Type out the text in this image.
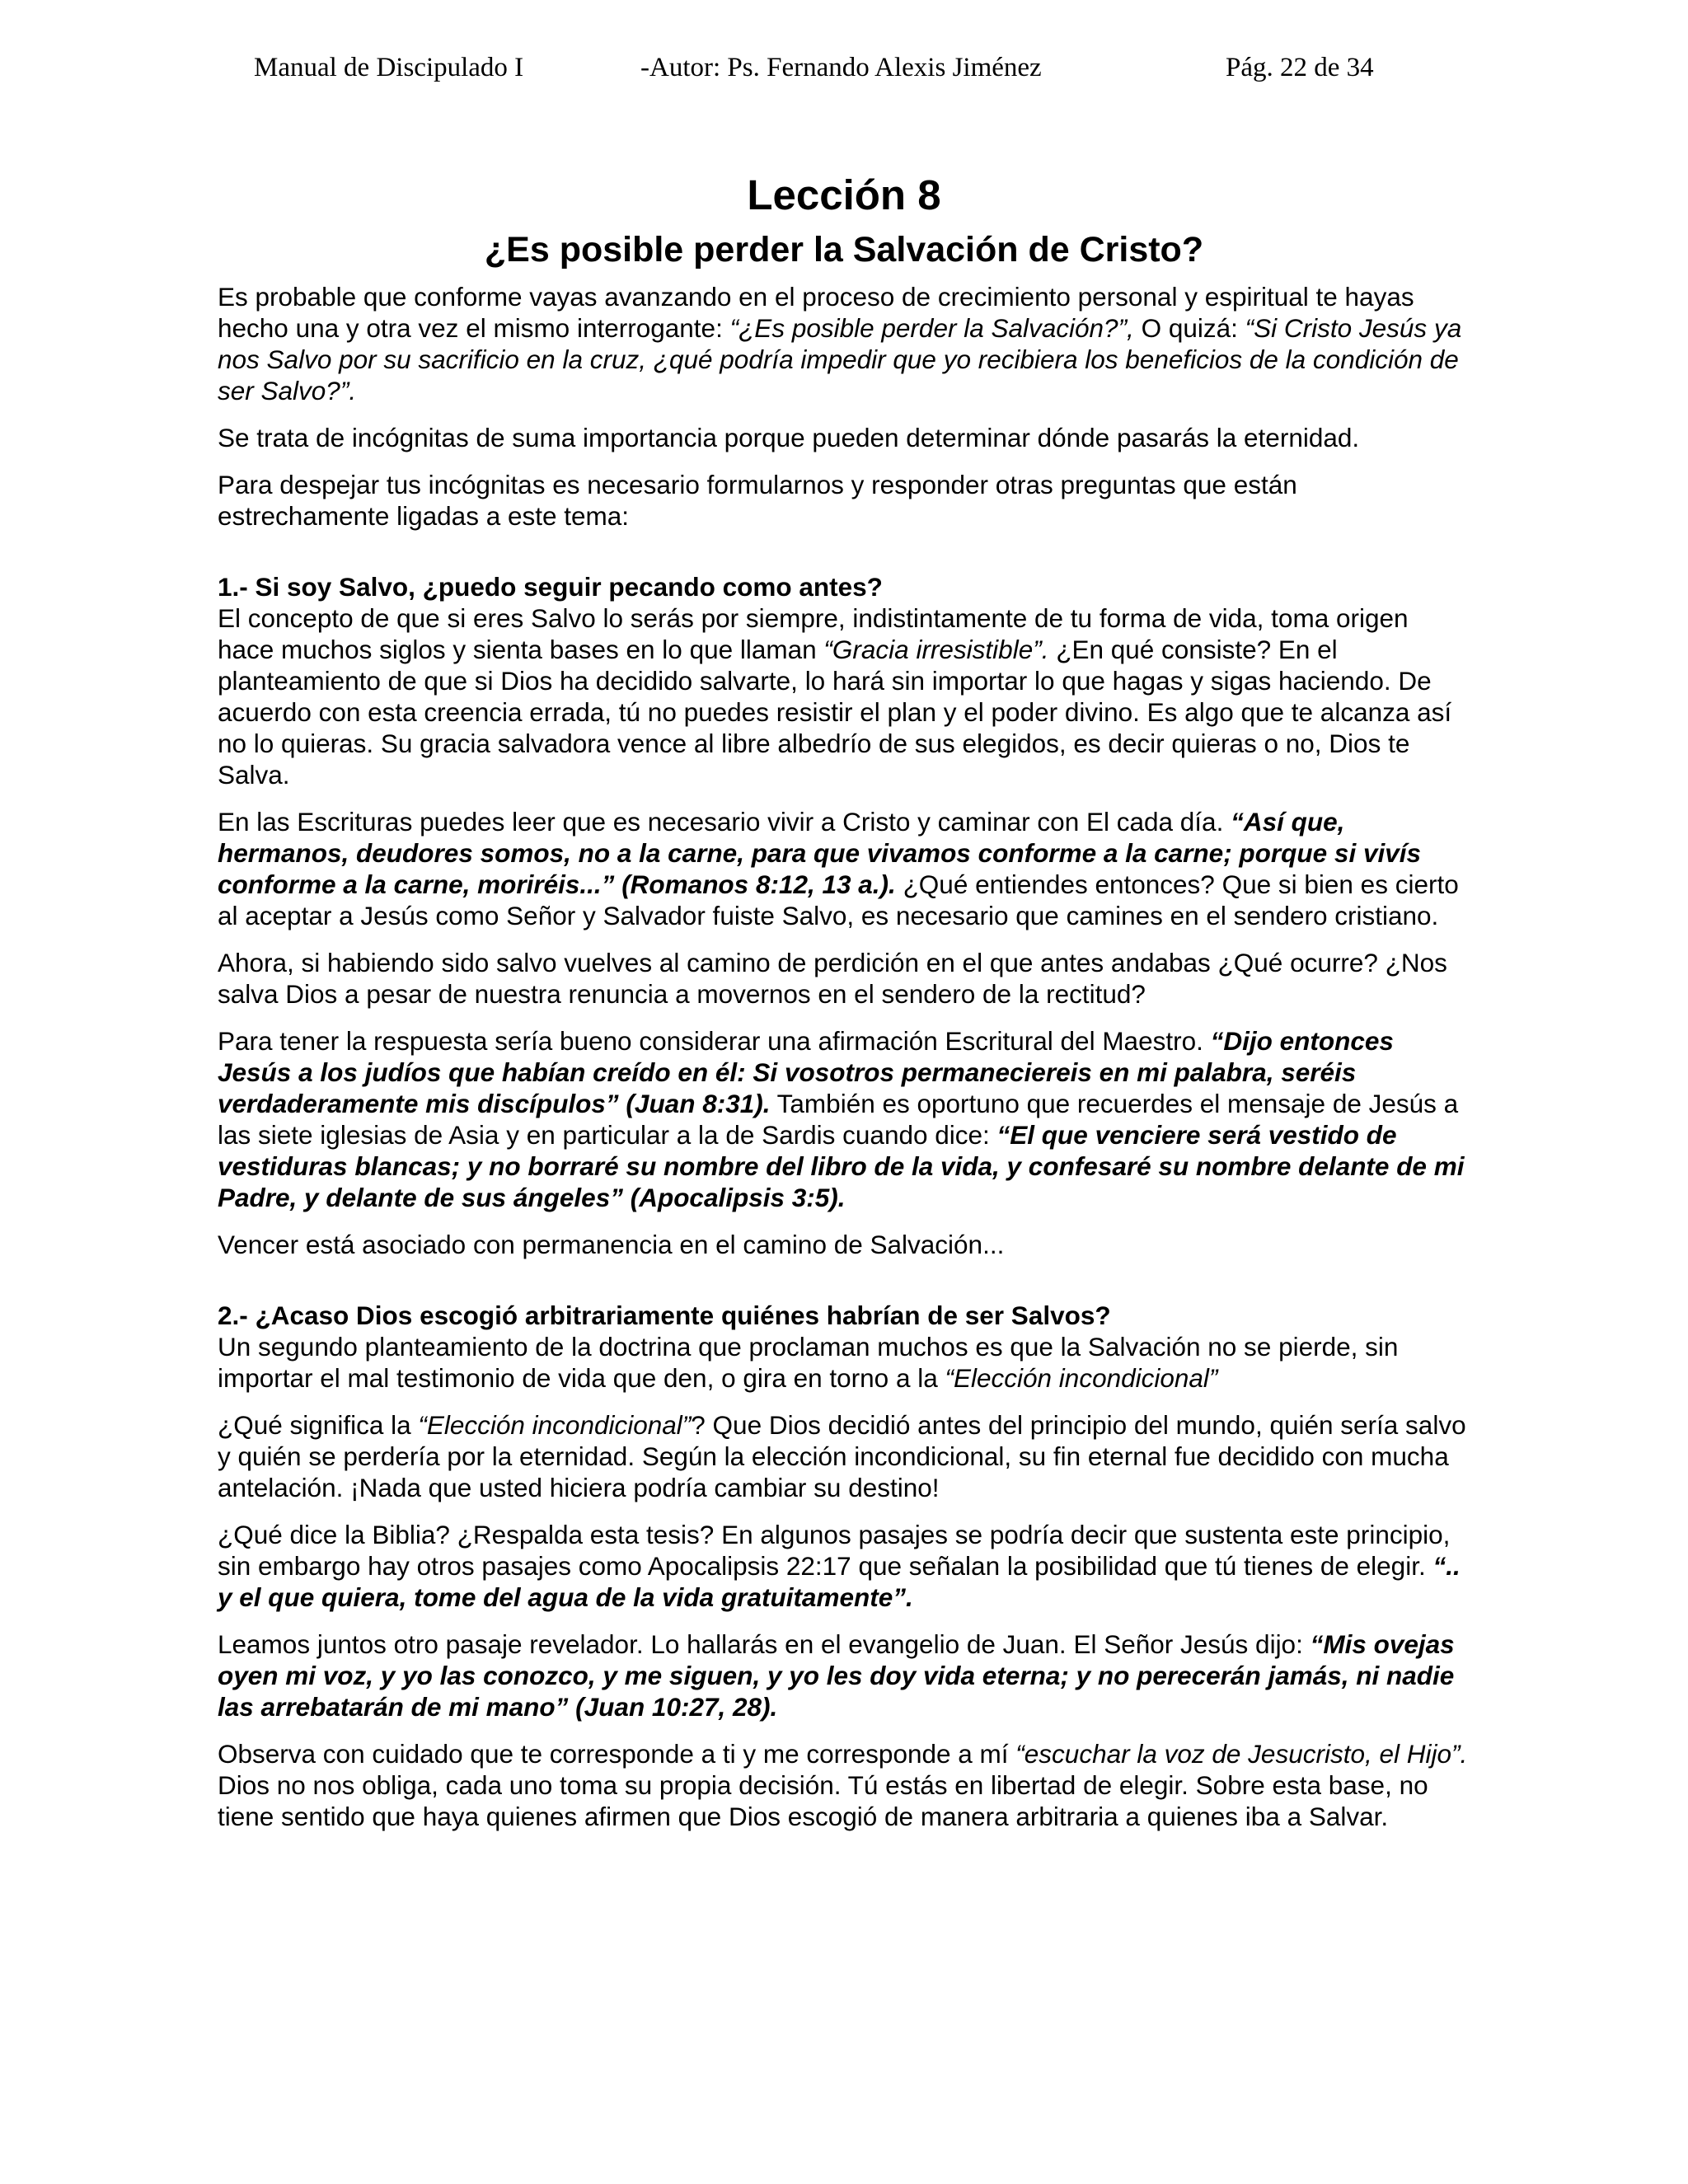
Manual de Discipulado I	-Autor: Ps. Fernando Alexis Jiménez	Pág. 22 de 34
Lección 8
¿Es posible perder la Salvación de Cristo?

Es probable que conforme vayas avanzando en el proceso de crecimiento personal y espiritual te hayas hecho una y otra vez el mismo interrogante: “¿Es posible perder la Salvación?”, O quizá: “Si Cristo Jesús ya nos Salvo por su sacrificio en la cruz, ¿qué podría impedir que yo recibiera los beneficios de la condición de ser Salvo?”.

Se trata de incógnitas de suma importancia porque pueden determinar dónde pasarás la eternidad.

Para despejar tus incógnitas es necesario formularnos y responder otras preguntas que están estrechamente ligadas a este tema:

1.- Si soy Salvo, ¿puedo seguir pecando como antes?

El concepto de que si eres Salvo lo serás por siempre, indistintamente de tu forma de vida, toma origen hace muchos siglos y sienta bases en lo que llaman “Gracia irresistible”. ¿En qué consiste? En el planteamiento de que si Dios ha decidido salvarte, lo hará sin importar lo que hagas y sigas haciendo. De acuerdo con esta creencia errada, tú no puedes resistir el plan y el poder divino. Es algo que te alcanza así no lo quieras. Su gracia salvadora vence al libre albedrío de sus elegidos, es decir quieras o no, Dios te Salva.

En las Escrituras puedes leer que es necesario vivir a Cristo y caminar con El cada día. “Así que, hermanos, deudores somos, no a la carne, para que vivamos conforme a la carne; porque si vivís conforme a la carne, moriréis...” (Romanos 8:12, 13 a.). ¿Qué entiendes entonces? Que si bien es cierto al aceptar a Jesús como Señor y Salvador fuiste Salvo, es necesario que camines en el sendero cristiano.

Ahora, si habiendo sido salvo vuelves al camino de perdición en el que antes andabas ¿Qué ocurre? ¿Nos salva Dios a pesar de nuestra renuncia a movernos en el sendero de la rectitud?

Para tener la respuesta sería bueno considerar una afirmación Escritural del Maestro. “Dijo entonces Jesús a los judíos que habían creído en él: Si vosotros permaneciereis en mi palabra, seréis verdaderamente mis discípulos” (Juan 8:31). También es oportuno que recuerdes el mensaje de Jesús a las siete iglesias de Asia y en particular a la de Sardis cuando dice: “El que venciere será vestido de vestiduras blancas; y no borraré su nombre del libro de la vida, y confesaré su nombre delante de mi Padre, y delante de sus ángeles” (Apocalipsis 3:5).

Vencer está asociado con permanencia en el camino de Salvación...

2.- ¿Acaso Dios escogió arbitrariamente quiénes habrían de ser Salvos?

Un segundo planteamiento de la doctrina que proclaman muchos es que la Salvación no se pierde, sin importar el mal testimonio de vida que den, o gira en torno a la “Elección incondicional”

¿Qué significa la “Elección incondicional”? Que Dios decidió antes del principio del mundo, quién sería salvo y quién se perdería por la eternidad. Según la elección incondicional, su fin eternal fue decidido con mucha antelación. ¡Nada que usted hiciera podría cambiar su destino!

¿Qué dice la Biblia? ¿Respalda esta tesis? En algunos pasajes se podría decir que sustenta este principio, sin embargo hay otros pasajes como Apocalipsis 22:17 que señalan la posibilidad que tú tienes de elegir. “.. y el que quiera, tome del agua de la vida gratuitamente”.

Leamos juntos otro pasaje revelador. Lo hallarás en el evangelio de Juan. El Señor Jesús dijo: “Mis ovejas oyen mi voz, y yo las conozco, y me siguen, y yo les doy vida eterna; y no perecerán jamás, ni nadie las arrebatarán de mi mano” (Juan 10:27, 28).

Observa con cuidado que te corresponde a ti y me corresponde a mí “escuchar la voz de Jesucristo, el Hijo”. Dios no nos obliga, cada uno toma su propia decisión. Tú estás en libertad de elegir. Sobre esta base, no tiene sentido que haya quienes afirmen que Dios escogió de manera arbitraria a quienes iba a Salvar.
